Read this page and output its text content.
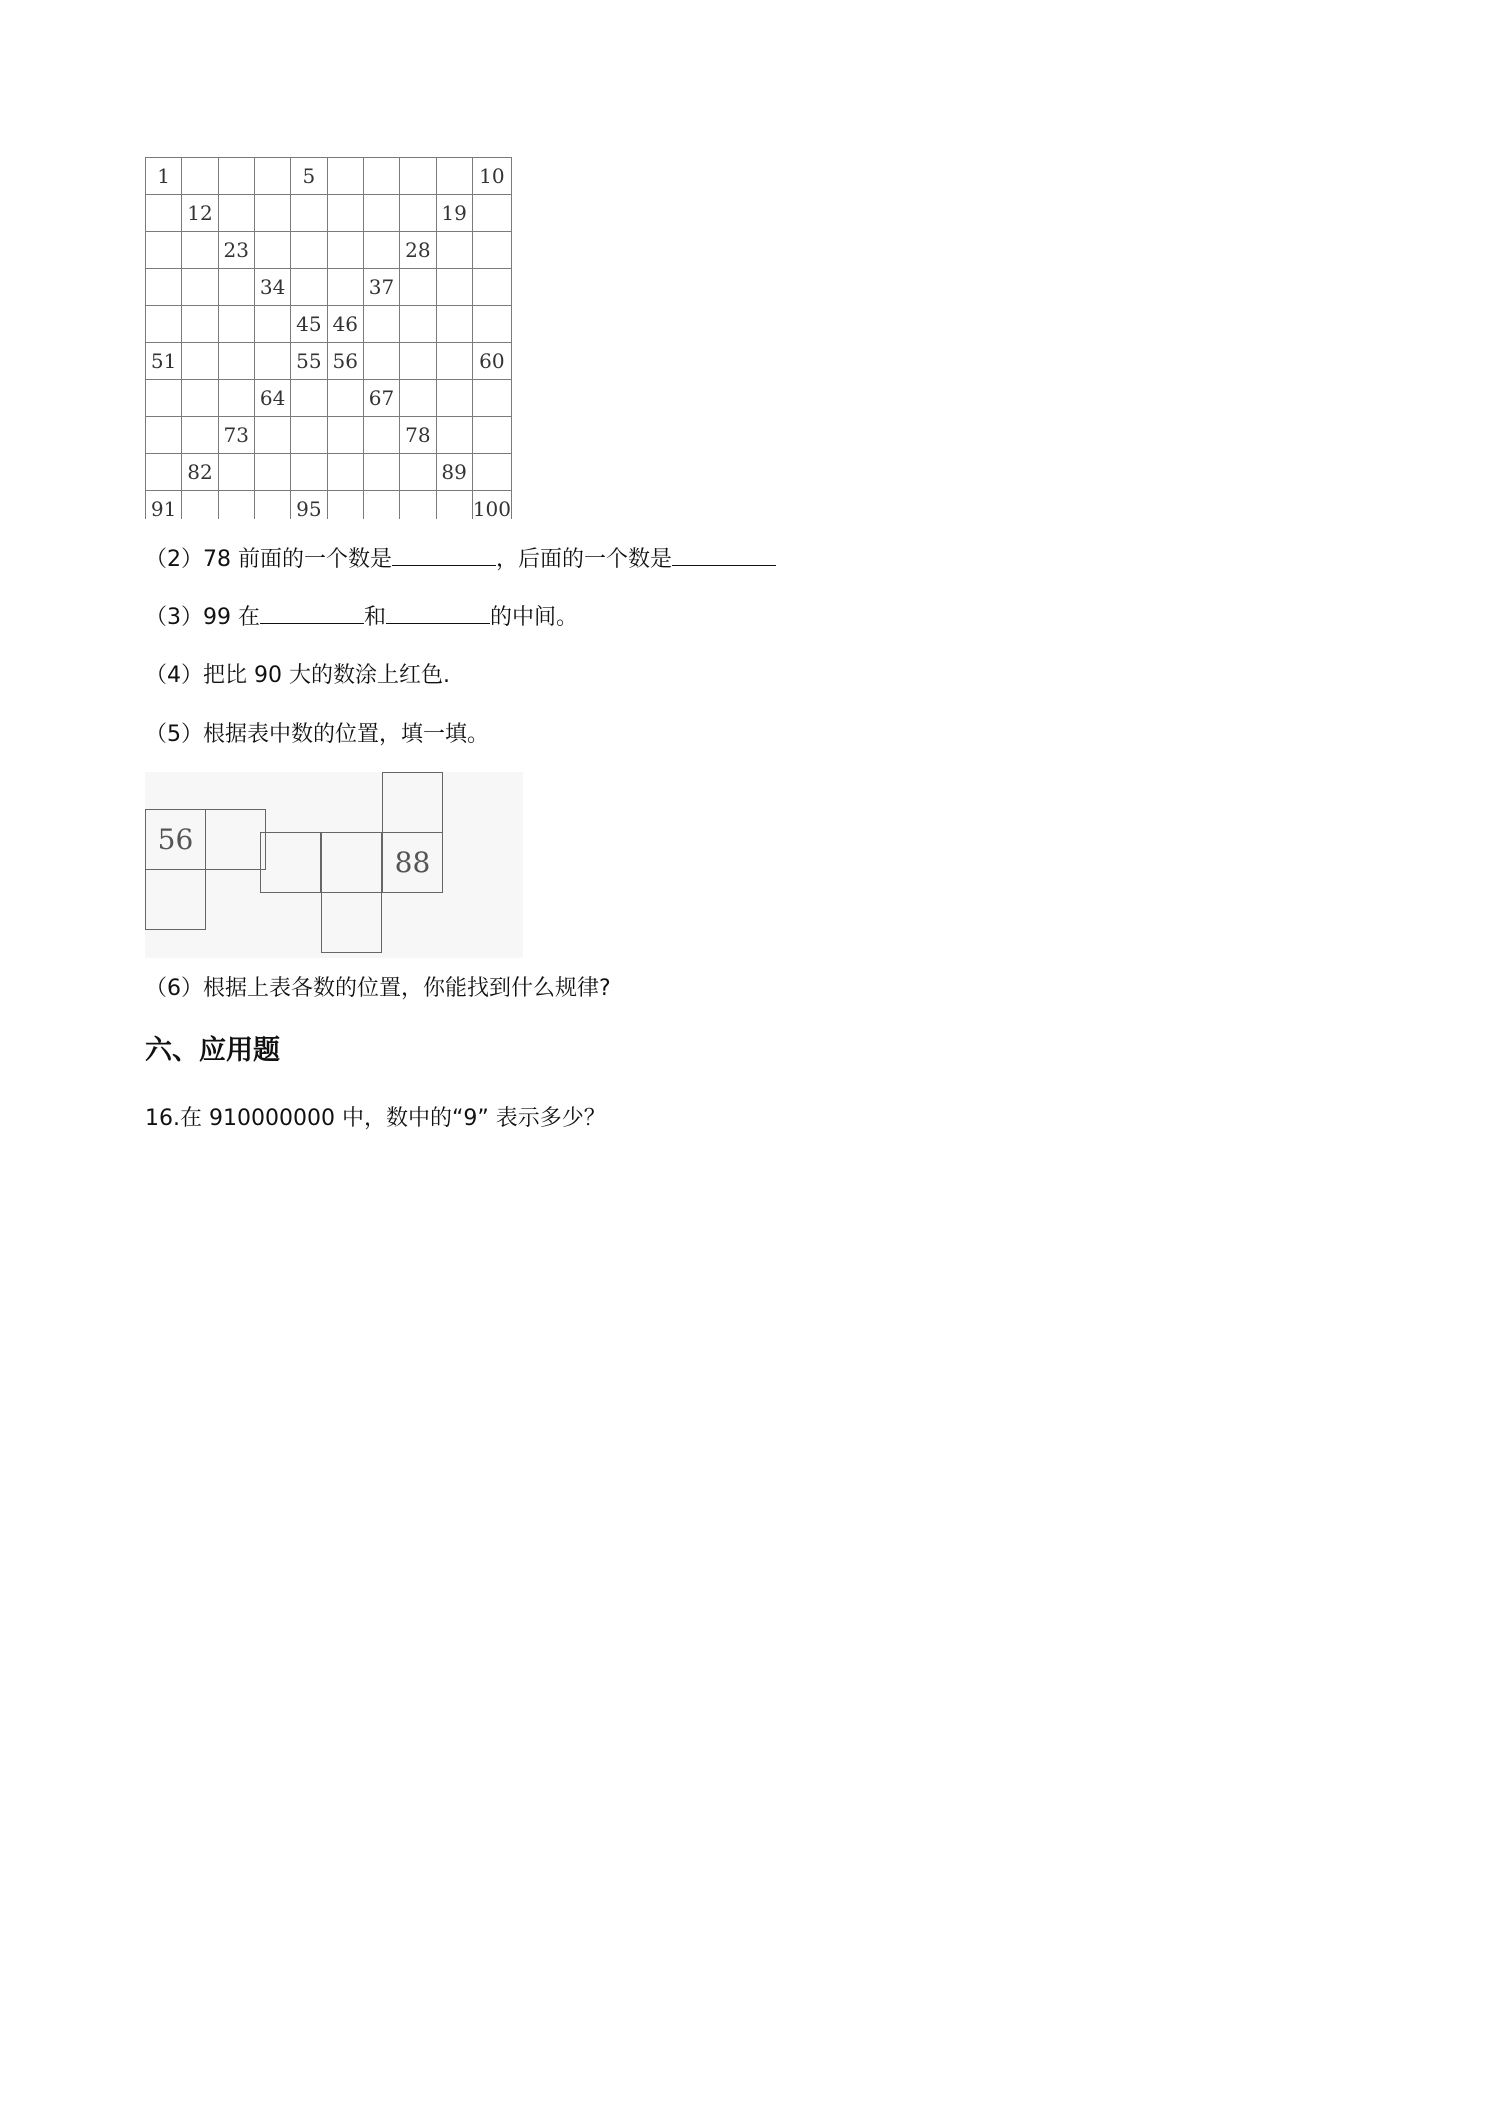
1				5					10
	12							19	
		23					28		
			34			37			
				45	46				
51				55	56				60
			64			67			
		73					78		
	82							89	
91				95					100
（2）78 前面的一个数是	，后面的一个数是
（3）99 在	和	的中间。
（4）把比 90 大的数涂上红色.
（5）根据表中数的位置，填一填。
56
88
（6）根据上表各数的位置，你能找到什么规律?
六、应用题
16.在 910000000 中，数中的“9” 表示多少？
